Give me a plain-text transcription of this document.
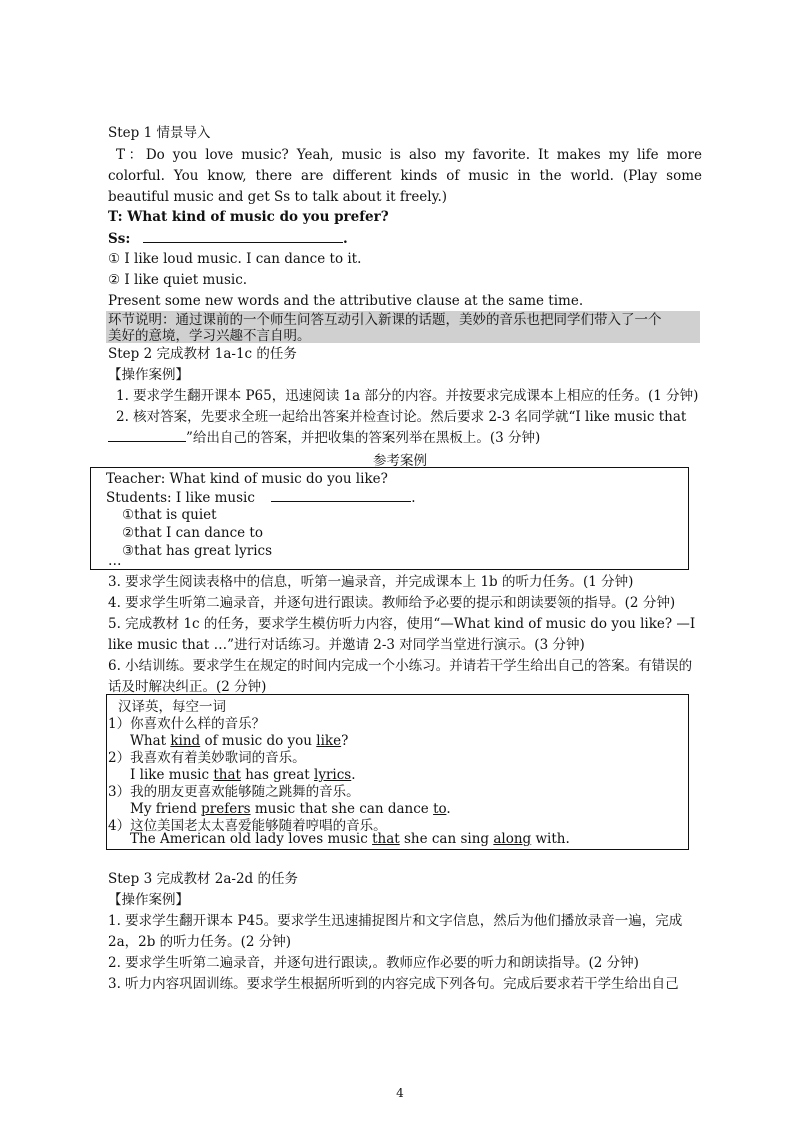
Step 1 情景导入
T：Do you love music? Yeah, music is also my favorite. It makes my life more colorful. You know, there are different kinds of music in the world. (Play some beautiful music and get Ss to talk about it freely.)
T: What kind of music do you prefer?
Ss:	.
① I like loud music. I can dance to it.
② I like quiet music.
Present some new words and the attributive clause at the same time.
环节说明：通过课前的一个师生问答互动引入新课的话题，美妙的音乐也把同学们带入了一个
美好的意境，学习兴趣不言自明。
Step 2 完成教材 1a-1c 的任务
【操作案例】
1. 要求学生翻开课本 P65，迅速阅读 1a 部分的内容。并按要求完成课本上相应的任务。(1 分钟)
2. 核对答案，先要求全班一起给出答案并检查讨论。然后要求 2-3 名同学就“I like music that
”给出自己的答案，并把收集的答案列举在黑板上。(3 分钟)
参考案例
Teacher: What kind of music do you like?
Students: I like music	.
①that is quiet
②that I can dance to
③that has great lyrics
…
3. 要求学生阅读表格中的信息，听第一遍录音，并完成课本上 1b 的听力任务。(1 分钟)
4. 要求学生听第二遍录音，并逐句进行跟读。教师给予必要的提示和朗读要领的指导。(2 分钟)
5. 完成教材 1c 的任务，要求学生模仿听力内容，使用“—What kind of music do you like? —I
like music that …”进行对话练习。并邀请 2-3 对同学当堂进行演示。(3 分钟)
6. 小结训练。要求学生在规定的时间内完成一个小练习。并请若干学生给出自己的答案。有错误的
话及时解决纠正。(2 分钟)
汉译英，每空一词
1）你喜欢什么样的音乐？
What kind of music do you like?
2）我喜欢有着美妙歌词的音乐。
I like music that has great lyrics.
3）我的朋友更喜欢能够随之跳舞的音乐。
My friend prefers music that she can dance to.
4）这位美国老太太喜爱能够随着哼唱的音乐。
The American old lady loves music that she can sing along with.
Step 3 完成教材 2a-2d 的任务
【操作案例】
1. 要求学生翻开课本 P45。要求学生迅速捕捉图片和文字信息，然后为他们播放录音一遍，完成
2a，2b 的听力任务。(2 分钟)
2. 要求学生听第二遍录音，并逐句进行跟读,。教师应作必要的听力和朗读指导。(2 分钟)
3. 听力内容巩固训练。要求学生根据所听到的内容完成下列各句。完成后要求若干学生给出自己
4
